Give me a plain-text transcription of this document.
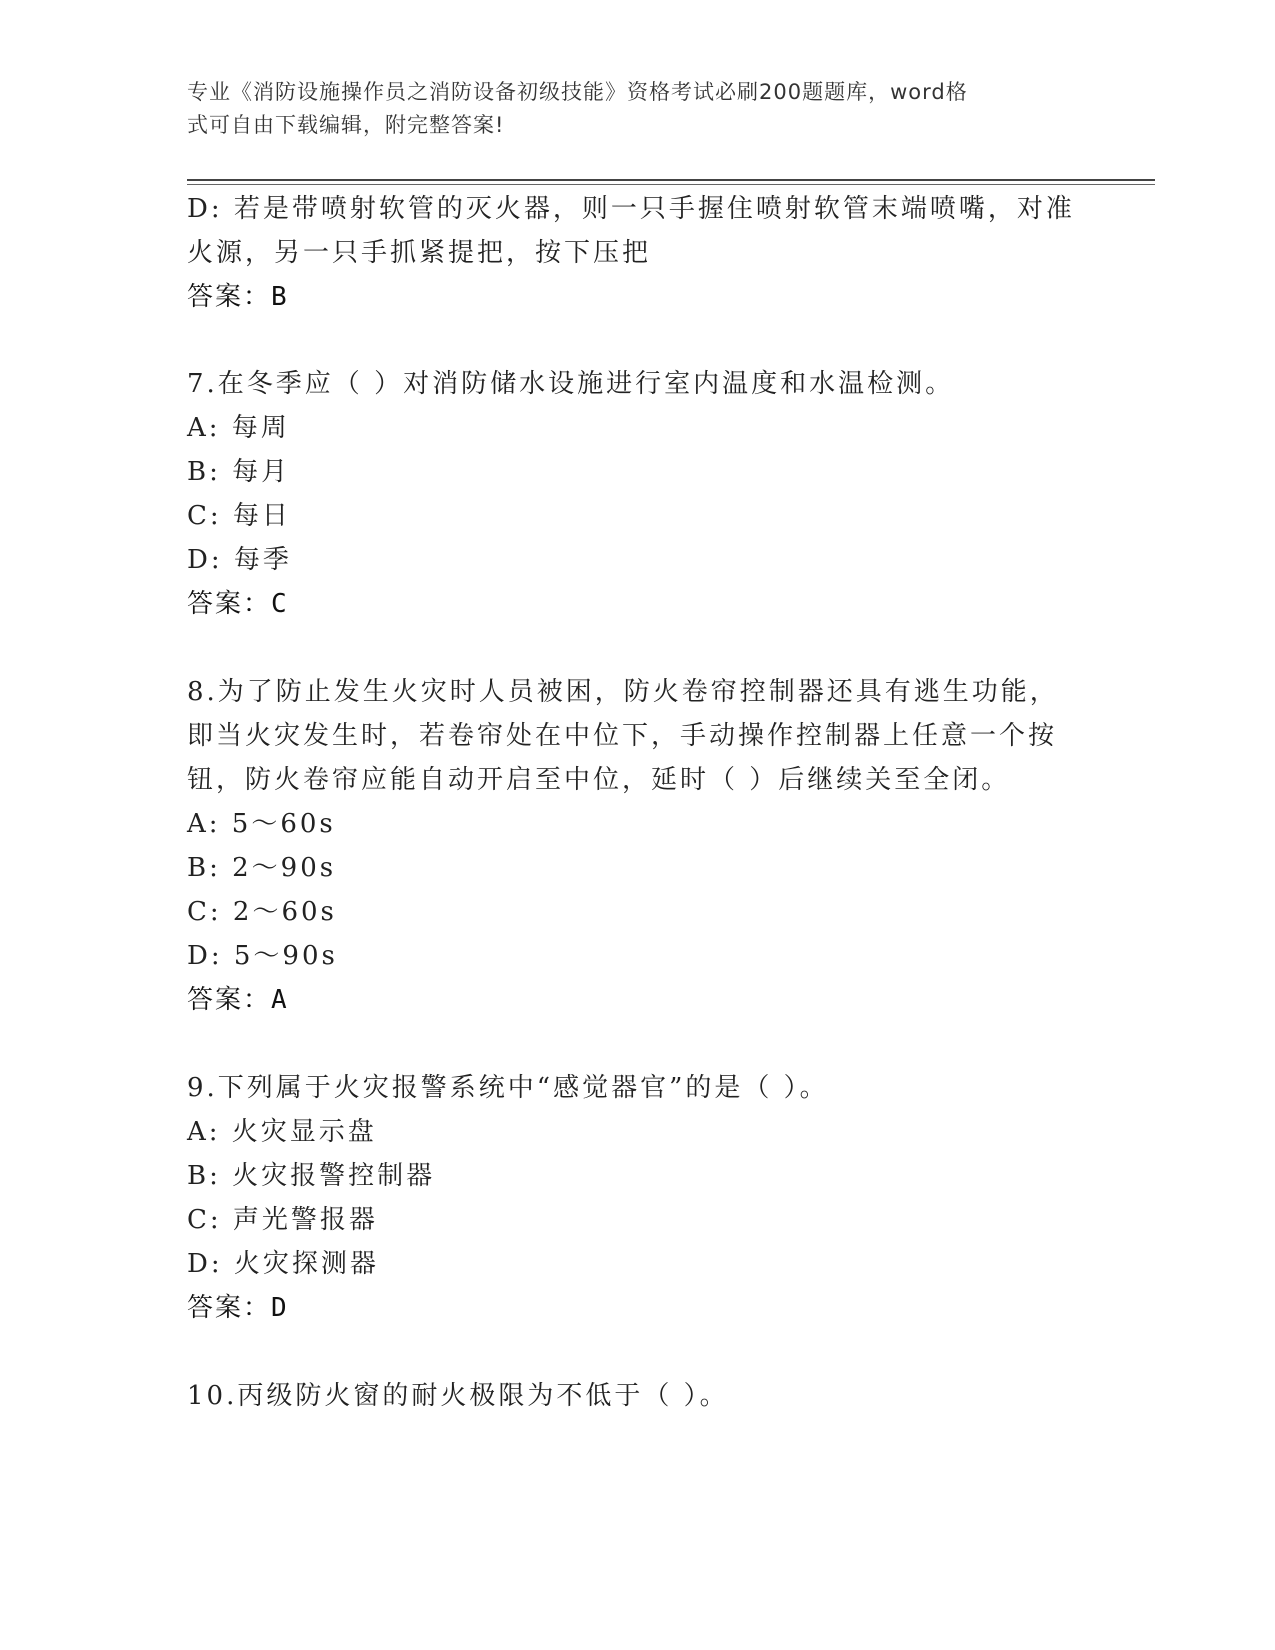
专业《消防设施操作员之消防设备初级技能》资格考试必刷200题题库，word格
式可自由下载编辑，附完整答案!
D: 若是带喷射软管的灭火器，则一只手握住喷射软管末端喷嘴，对准
火源，另一只手抓紧提把，按下压把
答案：B
7.在冬季应（ ）对消防储水设施进行室内温度和水温检测。
A: 每周
B: 每月
C: 每日
D: 每季
答案：C
8.为了防止发生火灾时人员被困，防火卷帘控制器还具有逃生功能，
即当火灾发生时，若卷帘处在中位下，手动操作控制器上任意一个按
钮，防火卷帘应能自动开启至中位，延时（ ）后继续关至全闭。
A: 5～60s
B: 2～90s
C: 2～60s
D: 5～90s
答案：A
9.下列属于火灾报警系统中“感觉器官”的是（ ）。
A: 火灾显示盘
B: 火灾报警控制器
C: 声光警报器
D: 火灾探测器
答案：D
10.丙级防火窗的耐火极限为不低于（ ）。
